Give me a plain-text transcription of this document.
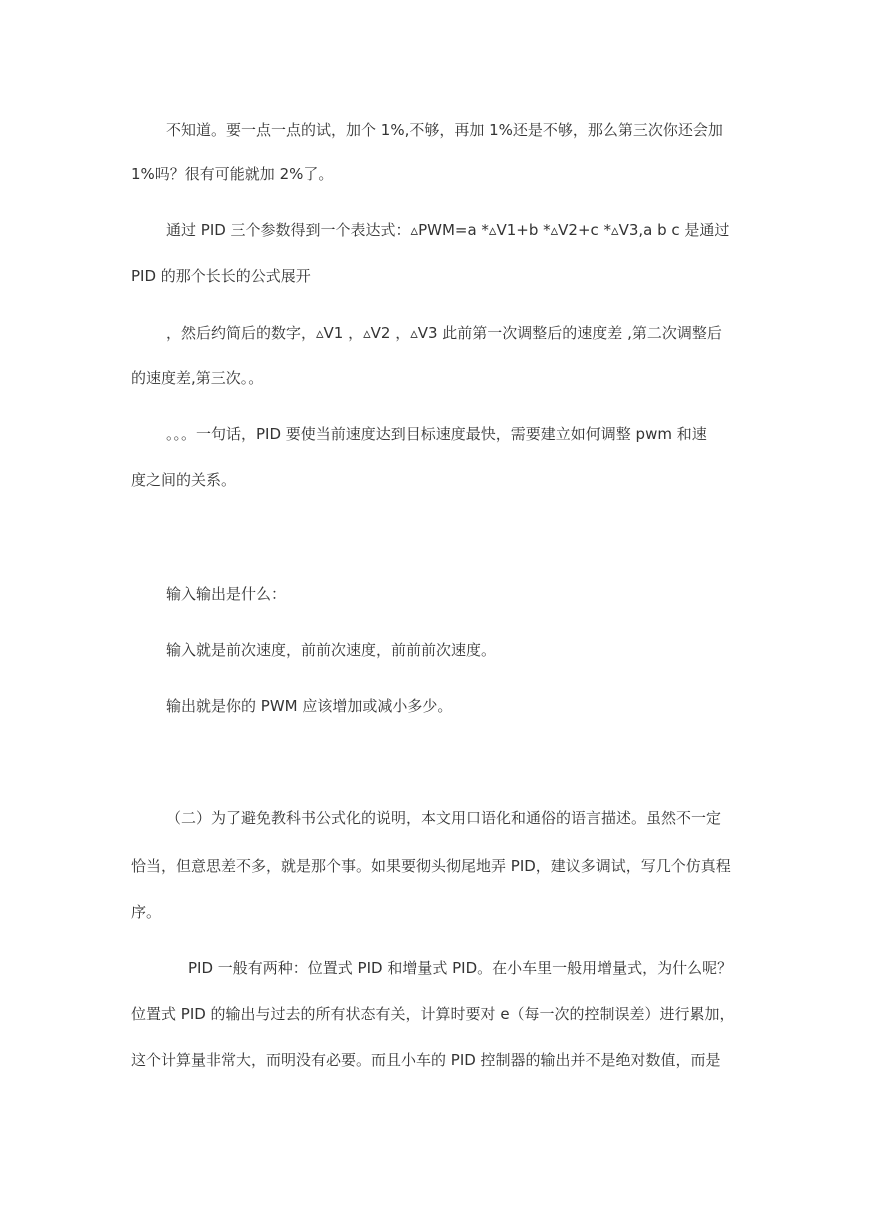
不知道。要一点一点的试，加个 1%,不够，再加 1%还是不够，那么第三次你还会加
1%吗？很有可能就加 2%了。
通过 PID 三个参数得到一个表达式：▵PWM=a *▵V1+b *▵V2+c *▵V3,a b c 是通过
PID 的那个长长的公式展开
，然后约简后的数字，▵V1 ，▵V2 ，▵V3 此前第一次调整后的速度差 ,第二次调整后
的速度差,第三次。。
。。。一句话，PID 要使当前速度达到目标速度最快，需要建立如何调整 pwm 和速
度之间的关系。
输入输出是什么：
输入就是前次速度，前前次速度，前前前次速度。
输出就是你的 PWM 应该增加或减小多少。
（二）为了避免教科书公式化的说明，本文用口语化和通俗的语言描述。虽然不一定
恰当，但意思差不多，就是那个事。如果要彻头彻尾地弄 PID，建议多调试，写几个仿真程
序。
PID 一般有两种：位置式 PID 和增量式 PID。在小车里一般用增量式，为什么呢？
位置式 PID 的输出与过去的所有状态有关，计算时要对 e（每一次的控制误差）进行累加，
这个计算量非常大，而明没有必要。而且小车的 PID 控制器的输出并不是绝对数值，而是
